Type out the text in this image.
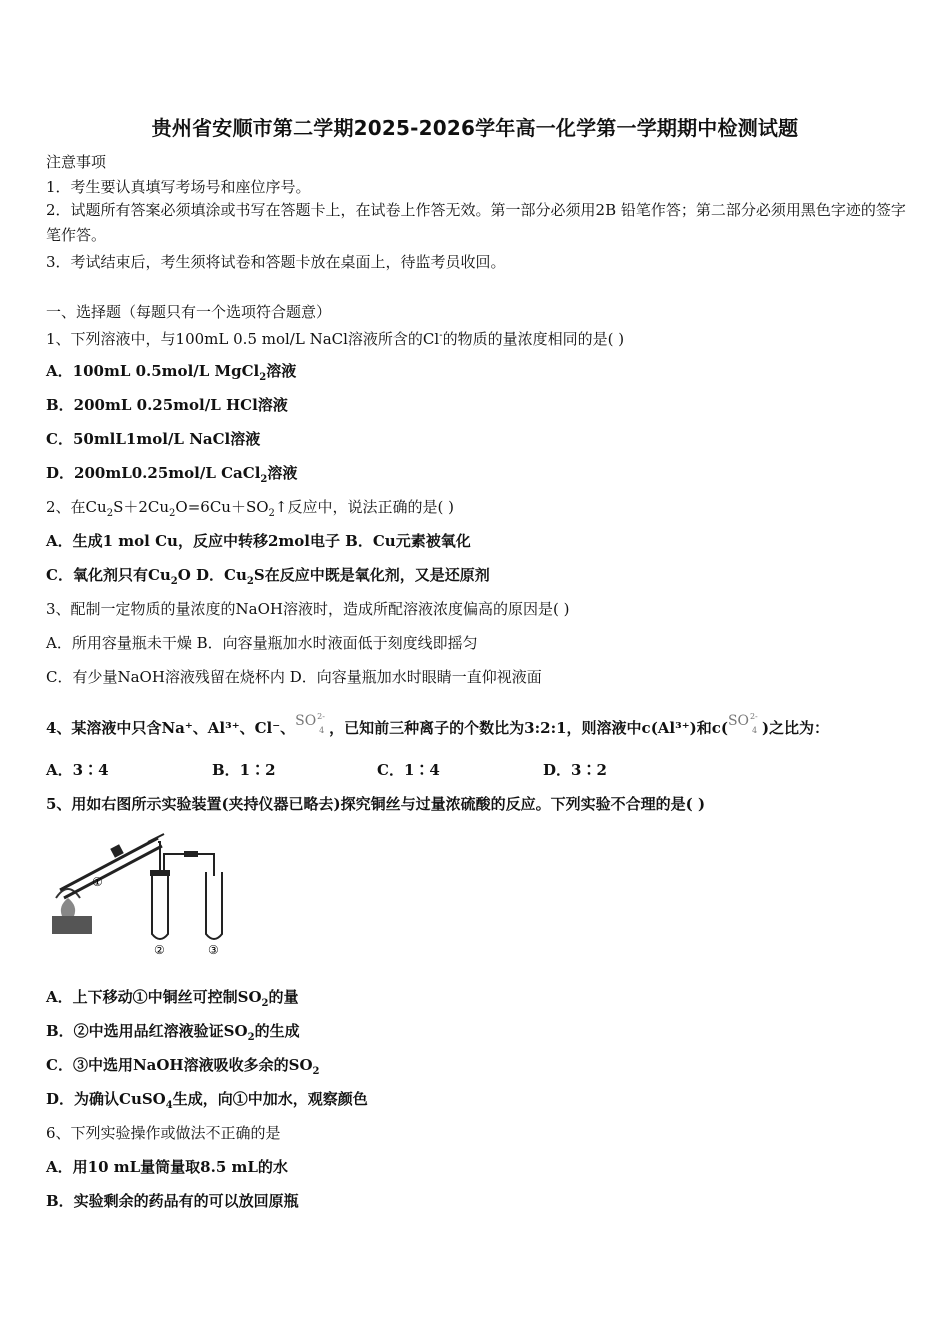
贵州省安顺市第二学期2025-2026学年高一化学第一学期期中检测试题
注意事项
1．考生要认真填写考场号和座位序号。
2．试题所有答案必须填涂或书写在答题卡上，在试卷上作答无效。第一部分必须用2B 铅笔作答；第二部分必须用黑色字迹的签字笔作答。
3．考试结束后，考生须将试卷和答题卡放在桌面上，待监考员收回。
一、选择题（每题只有一个选项符合题意）
1、下列溶液中，与100mL 0.5 mol/L NaCl溶液所含的Cl-的物质的量浓度相同的是( )
A．100mL 0.5mol/L MgCl$_2$溶液
B．200mL 0.25mol/L HCl溶液
C．50mlL1mol/L NaCl溶液
D．200mL0.25mol/L CaCl$_2$溶液
2、在$Cu_2S+2Cu_2O=6Cu+SO_2↑$反应中，说法正确的是( )
A．生成1 mol Cu，反应中转移2mol电子 B．Cu元素被氧化
C．氧化剂只有$Cu_2O$ D．$Cu_2S$在反应中既是氧化剂，又是还原剂
3、配制一定物质的量浓度的NaOH溶液时，造成所配溶液浓度偏高的原因是( )
A．所用容量瓶未干燥 B．向容量瓶加水时液面低于刻度线即摇匀
C．有少量NaOH溶液残留在烧杯内 D．向容量瓶加水时眼睛一直仰视液面
4、某溶液中只含Na⁺、Al³⁺、Cl⁻、 SO 2-
4 ，已知前三种离子的个数比为3:2:1，则溶液中c(Al³⁺)和c( SO 2-
4 )之比为：
A．3∶4	B．1∶2	C．1∶4	D．3∶2
5、用如右图所示实验装置(夹持仪器已略去)探究铜丝与过量浓硫酸的反应。下列实验不合理的是( )
①
②	③
A．上下移动①中铜丝可控制$SO_2$的量
B．②中选用品红溶液验证$SO_2$的生成
C．③中选用NaOH溶液吸收多余的$SO_2$
D．为确认CuSO$_4$生成，向①中加水，观察颜色
6、下列实验操作或做法不正确的是
A．用10 mL量筒量取8.5 mL的水
B．实验剩余的药品有的可以放回原瓶
